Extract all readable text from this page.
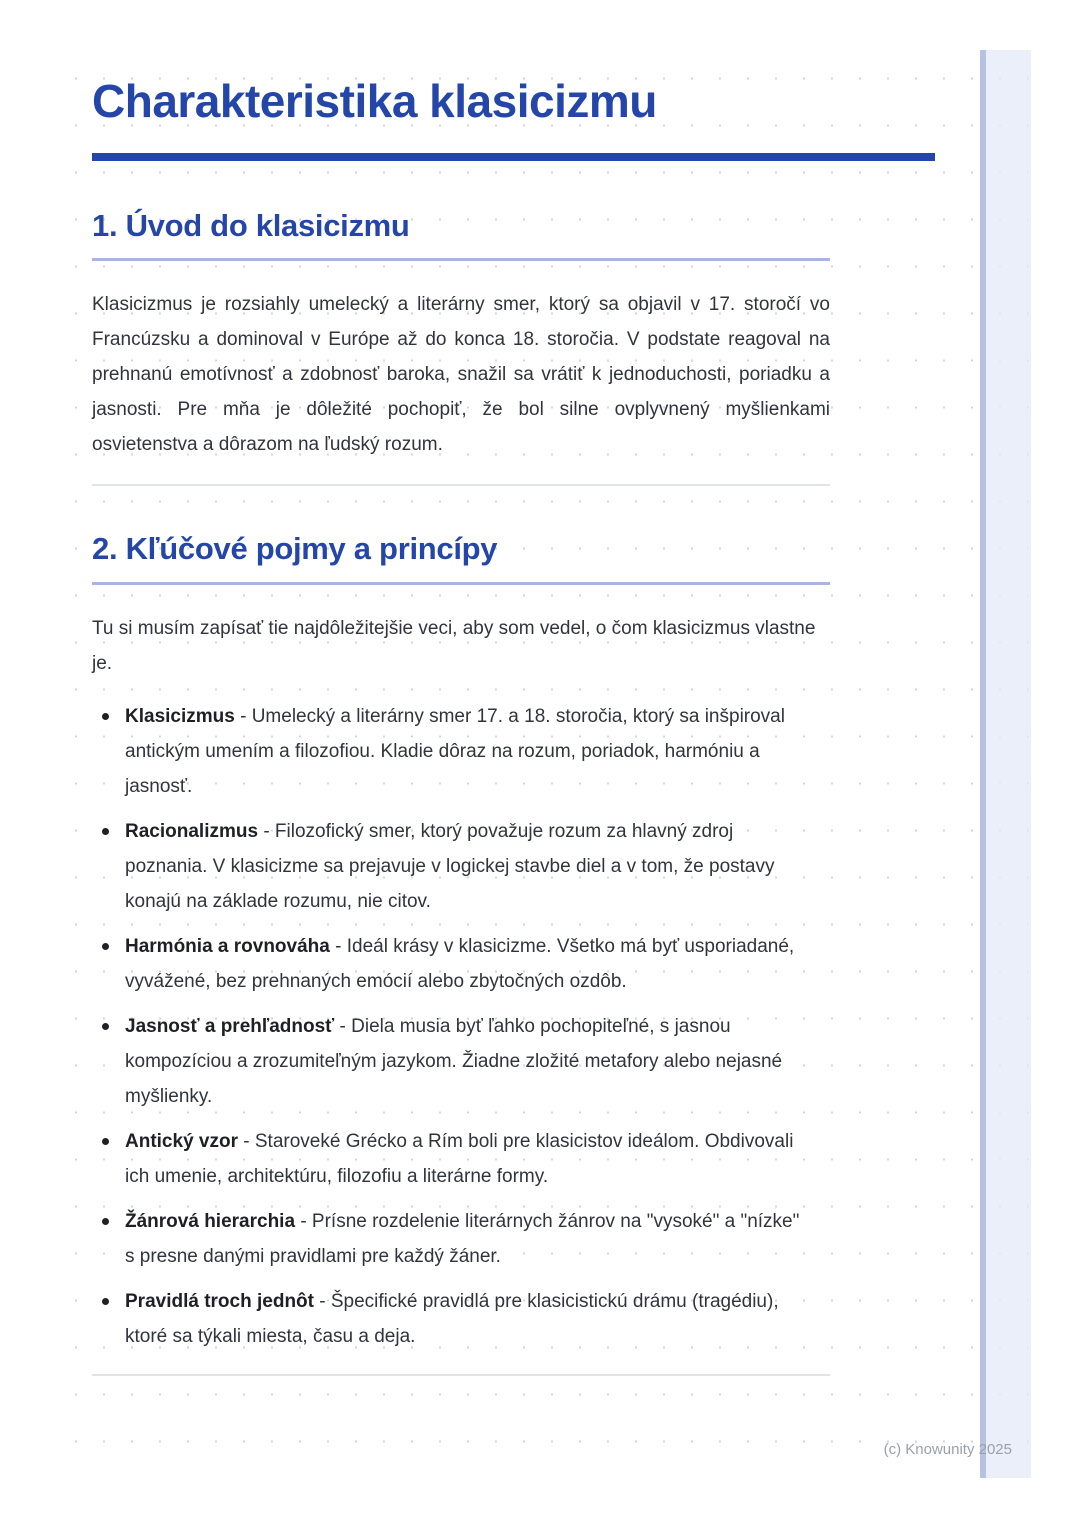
Charakteristika klasicizmu
1. Úvod do klasicizmu

Klasicizmus je rozsiahly umelecký a literárny smer, ktorý sa objavil v 17. storočí vo Francúzsku a dominoval v Európe až do konca 18. storočia. V podstate reagoval na prehnanú emotívnosť a zdobnosť baroka, snažil sa vrátiť k jednoduchosti, poriadku a jasnosti. Pre mňa je dôležité pochopiť, že bol silne ovplyvnený myšlienkami osvietenstva a dôrazom na ľudský rozum.

2. Kľúčové pojmy a princípy

Tu si musím zapísať tie najdôležitejšie veci, aby som vedel, o čom klasicizmus vlastne je.

Klasicizmus - Umelecký a literárny smer 17. a 18. storočia, ktorý sa inšpiroval antickým umením a filozofiou. Kladie dôraz na rozum, poriadok, harmóniu a jasnosť.
Racionalizmus - Filozofický smer, ktorý považuje rozum za hlavný zdroj poznania. V klasicizme sa prejavuje v logickej stavbe diel a v tom, že postavy konajú na základe rozumu, nie citov.
Harmónia a rovnováha - Ideál krásy v klasicizme. Všetko má byť usporiadané, vyvážené, bez prehnaných emócií alebo zbytočných ozdôb.
Jasnosť a prehľadnosť - Diela musia byť ľahko pochopiteľné, s jasnou kompozíciou a zrozumiteľným jazykom. Žiadne zložité metafory alebo nejasné myšlienky.
Antický vzor - Staroveké Grécko a Rím boli pre klasicistov ideálom. Obdivovali ich umenie, architektúru, filozofiu a literárne formy.
Žánrová hierarchia - Prísne rozdelenie literárnych žánrov na "vysoké" a "nízke" s presne danými pravidlami pre každý žáner.
Pravidlá troch jednôt - Špecifické pravidlá pre klasicistickú drámu (tragédiu), ktoré sa týkali miesta, času a deja.
(c) Knowunity 2025
